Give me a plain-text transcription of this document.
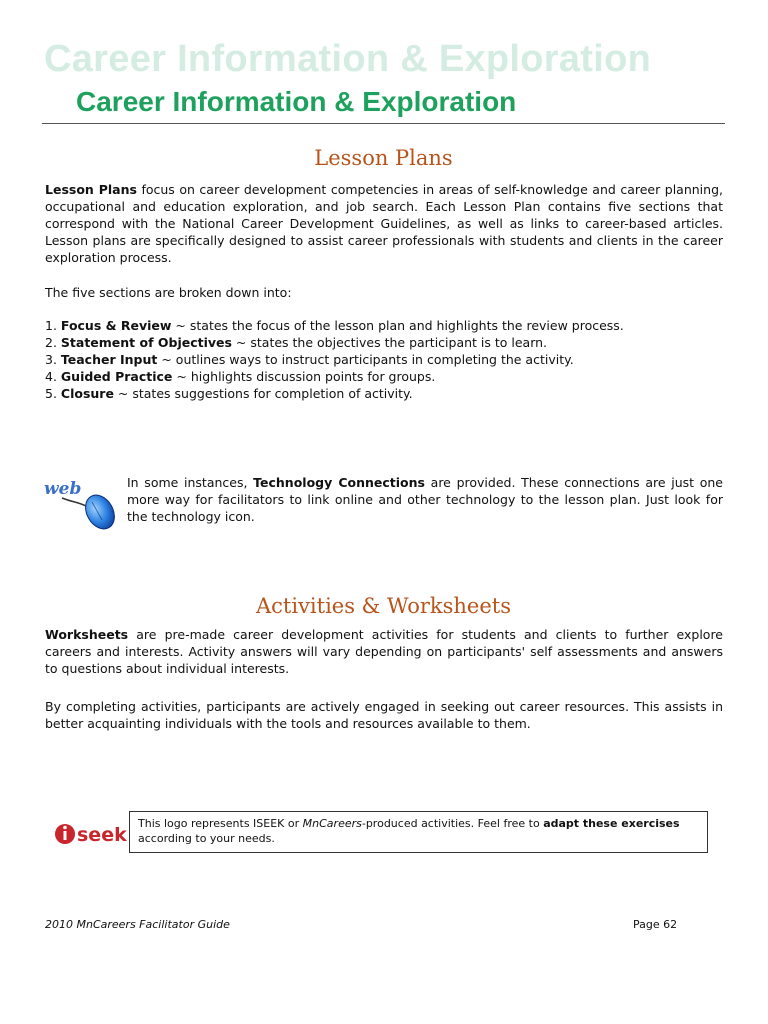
Career Information & Exploration
Career Information & Exploration
Lesson Plans
Lesson Plans focus on career development competencies in areas of self-knowledge and career planning, occupational and education exploration, and job search. Each Lesson Plan contains five sections that correspond with the National Career Development Guidelines, as well as links to career-based articles. Lesson plans are specifically designed to assist career professionals with students and clients in the career exploration process.
The five sections are broken down into:
1. Focus & Review ~ states the focus of the lesson plan and highlights the review process.
2. Statement of Objectives ~ states the objectives the participant is to learn.
3. Teacher Input ~ outlines ways to instruct participants in completing the activity.
4. Guided Practice ~ highlights discussion points for groups.
5. Closure ~ states suggestions for completion of activity.
web	In some instances, Technology Connections are provided. These connections are just one more way for facilitators to link online and other technology to the lesson plan. Just look for the technology icon.
Activities & Worksheets
Worksheets are pre-made career development activities for students and clients to further explore careers and interests. Activity answers will vary depending on participants' self assessments and answers to questions about individual interests.
By completing activities, participants are actively engaged in seeking out career resources. This assists in better acquainting individuals with the tools and resources available to them.
seek
This logo represents ISEEK or MnCareers-produced activities. Feel free to adapt these exercises according to your needs.
2010 MnCareers Facilitator Guide	Page 62
